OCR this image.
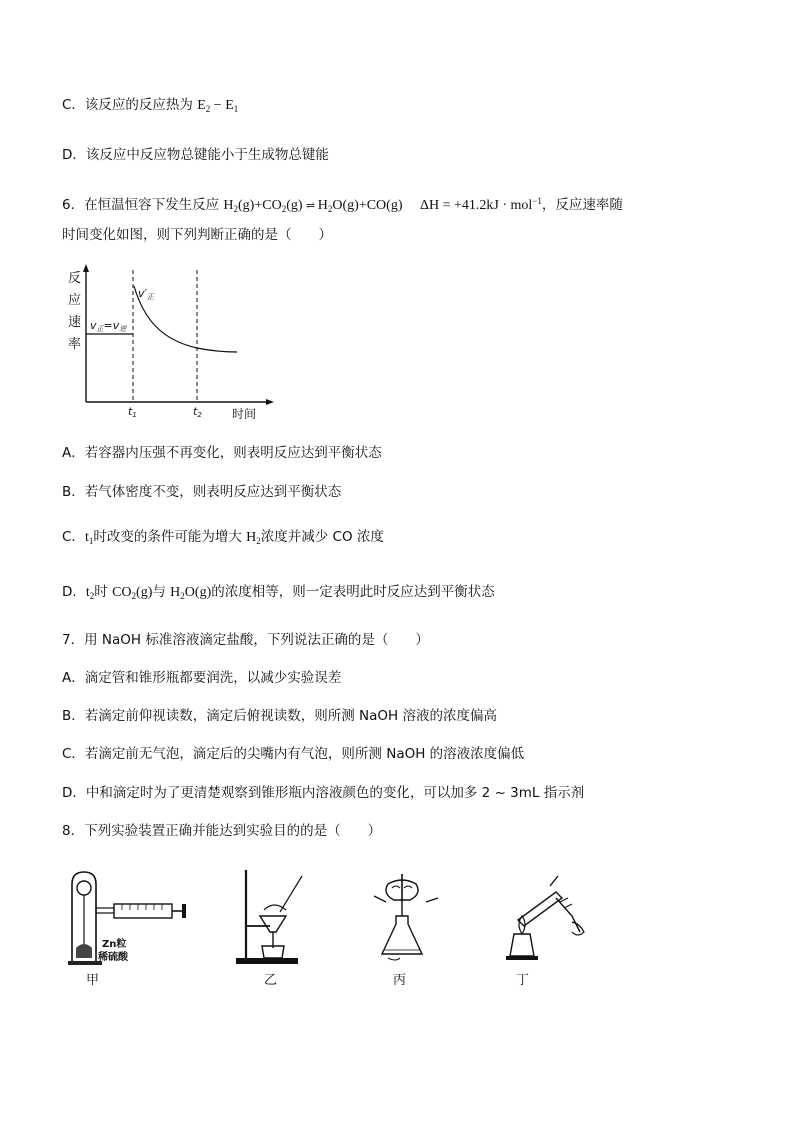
C．该反应的反应热为 $E_2 - E_1$
D．该反应中反应物总键能小于生成物总键能
6．在恒温恒容下发生反应 $H_2(g)+CO_2(g)$ ⇌ $H_2O(g)+CO(g) \Delta H = +41.2kJ \cdot mol^{-1}$，反应速率随
时间变化如图，则下列判断正确的是（　　）
反
应
速
率
v正=v逆
v′正
t1	t2	时间
A．若容器内压强不再变化，则表明反应达到平衡状态
B．若气体密度不变，则表明反应达到平衡状态
C．$t_1$时改变的条件可能为增大 $H_2$浓度并减少 CO 浓度
D．$t_2$时 $CO_2(g)$与 $H_2O(g)$的浓度相等，则一定表明此时反应达到平衡状态
7．用 NaOH 标准溶液滴定盐酸，下列说法正确的是（　　）
A．滴定管和锥形瓶都要润洗，以减少实验误差
B．若滴定前仰视读数，滴定后俯视读数，则所测 NaOH 溶液的浓度偏高
C．若滴定前无气泡，滴定后的尖嘴内有气泡，则所测 NaOH 的溶液浓度偏低
D．中和滴定时为了更清楚观察到锥形瓶内溶液颜色的变化，可以加多 2 ~ 3mL 指示剂
8．下列实验装置正确并能达到实验目的的是（　　）
Zn粒
稀硫酸
甲	乙	丙	丁
